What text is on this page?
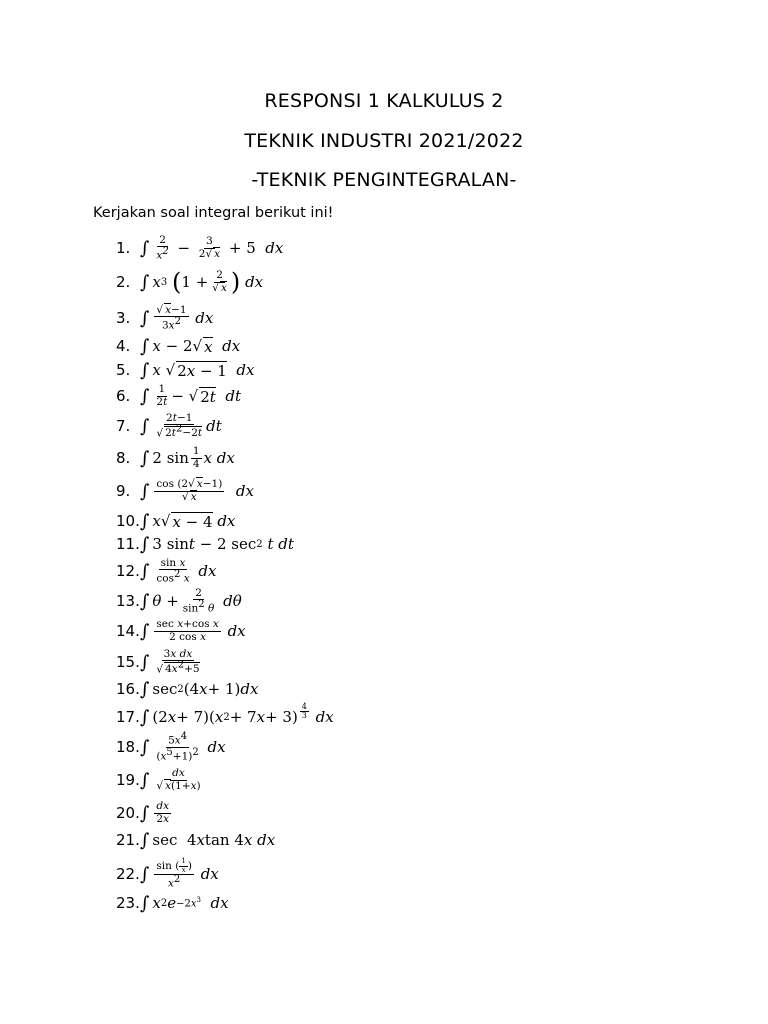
RESPONSI 1 KALKULUS 2
TEKNIK INDUSTRI 2021/2022
-TEKNIK PENGINTEGRALAN-
Kerjakan soal integral berikut ini!
1. ∫ $\frac{2}{x^2} - \frac{3}{2√ x} + 5$ dx
2. ∫ x 3
( $1 + \frac{2}{√ x}$ )
dx
3. ∫ $\frac{√ x-1}{3x^2}$
dx
4. ∫ x − 2√ x
dx
5. ∫ x √ 2x − 1
dx
6. ∫ $\frac{1}{2t}$ − √ 2t
dt
7. ∫ $\frac{2t-1}{√ 2t^2-2t}$ dt
8. ∫ 2 $\sin \frac{1}{4}$ x dx
9. ∫ $\frac{\cos (2√ x-1)}{√ x}$
dx
10. ∫ x √ x − 4
dx
11. ∫ 3 sin t − 2 sec 2
t dt
12. ∫ $\frac{\text{sin x}}{\cos^2 x}$
dx
13. ∫ $\theta + \frac{2}{\sin^2 \theta}$
dθ
14. ∫ $\frac{\text{sec x+cos x}}{\text{2 cos x}}$
dx
15. ∫ $\frac{\text{3x dx}}{√ 4x^2+5}$
16. ∫ sec 2 (4 x + 1) dx
17. ∫ (2 x + 7)( x 2 + 7 $x + 3) \frac{4}{3}$
dx
18. ∫ $\frac{5x^4}{(x^5+1)^2}$
dx
19. ∫ $\frac{dx}{√ x(1+x)}$
20. ∫ $\frac{dx}{2x}$
21. ∫ sec  4 x tan 4 x dx
22. ∫ $\frac{\sin ( \frac{1}{x} )}{x^2}$
dx
23. ∫ x 2 $e -2x^3$
dx
